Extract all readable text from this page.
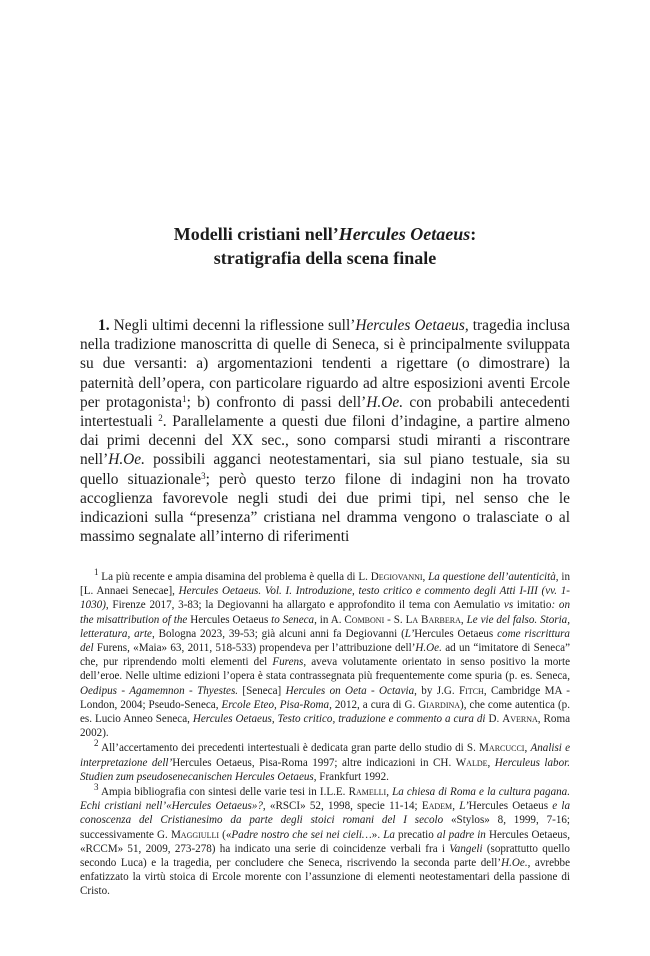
Modelli cristiani nell’Hercules Oetaeus:
stratigrafia della scena finale

1. Negli ultimi decenni la riflessione sull’Hercules Oetaeus, tragedia inclusa nella tradizione manoscritta di quelle di Seneca, si è principalmente sviluppata su due versanti: a) argomentazioni tendenti a rigettare (o dimostrare) la paternità dell’opera, con particolare riguardo ad altre esposizioni aventi Ercole per protagonista$^1$; b) confronto di passi dell’H.Oe. con probabili antecedenti intertestuali $^2$. Parallelamente a questi due filoni d’indagine, a partire almeno dai primi decenni del XX sec., sono comparsi studi miranti a riscontrare nell’H.Oe. possibili agganci neotestamentari, sia sul piano testuale, sia su quello situazionale$^3$; però questo terzo filone di indagini non ha trovato accoglienza favorevole negli studi dei due primi tipi, nel senso che le indicazioni sulla “presenza” cristiana nel dramma vengono o tralasciate o al massimo segnalate all’interno di riferimenti

$^1$ La più recente e ampia disamina del problema è quella di L. Degiovanni, La questione dell’autenticità, in [L. Annaei Senecae], Hercules Oetaeus. Vol. I. Introduzione, testo critico e commento degli Atti I-III (vv. 1-1030), Firenze 2017, 3-83; la Degiovanni ha allargato e approfondito il tema con Aemulatio vs imitatio: on the misattribution of the Hercules Oetaeus to Seneca, in A. Comboni - S. La Barbera, Le vie del falso. Storia, letteratura, arte, Bologna 2023, 39-53; già alcuni anni fa Degiovanni (L’Hercules Oetaeus come riscrittura del Furens, «Maia» 63, 2011, 518-533) propendeva per l’attribuzione dell’H.Oe. ad un “imitatore di Seneca” che, pur riprendendo molti elementi del Furens, aveva volutamente orientato in senso positivo la morte dell’eroe. Nelle ultime edizioni l’opera è stata contrassegnata più frequentemente come spuria (p. es. Seneca, Oedipus - Agamemnon - Thyestes. [Seneca] Hercules on Oeta - Octavia, by J.G. Fitch, Cambridge MA - London, 2004; Pseudo-Seneca, Ercole Eteo, Pisa-Roma, 2012, a cura di G. Giardina), che come autentica (p. es. Lucio Anneo Seneca, Hercules Oetaeus, Testo critico, traduzione e commento a cura di D. Averna, Roma 2002).

$^2$ All’accertamento dei precedenti intertestuali è dedicata gran parte dello studio di S. Marcucci, Analisi e interpretazione dell’Hercules Oetaeus, Pisa-Roma 1997; altre indicazioni in CH. Walde, Herculeus labor. Studien zum pseudosenecanischen Hercules Oetaeus, Frankfurt 1992.

$^3$ Ampia bibliografia con sintesi delle varie tesi in I.L.E. Ramelli, La chiesa di Roma e la cultura pagana. Echi cristiani nell’«Hercules Oetaeus»?, «RSCI» 52, 1998, specie 11-14; Eadem, L’Hercules Oetaeus e la conoscenza del Cristianesimo da parte degli stoici romani del I secolo «Stylos» 8, 1999, 7-16; successivamente G. Maggiulli («Padre nostro che sei nei cieli…». La precatio al padre in Hercules Oetaeus, «RCCM» 51, 2009, 273-278) ha indicato una serie di coincidenze verbali fra i Vangeli (soprattutto quello secondo Luca) e la tragedia, per concludere che Seneca, riscrivendo la seconda parte dell’H.Oe., avrebbe enfatizzato la virtù stoica di Ercole morente con l’assunzione di elementi neotestamentari della passione di Cristo.
